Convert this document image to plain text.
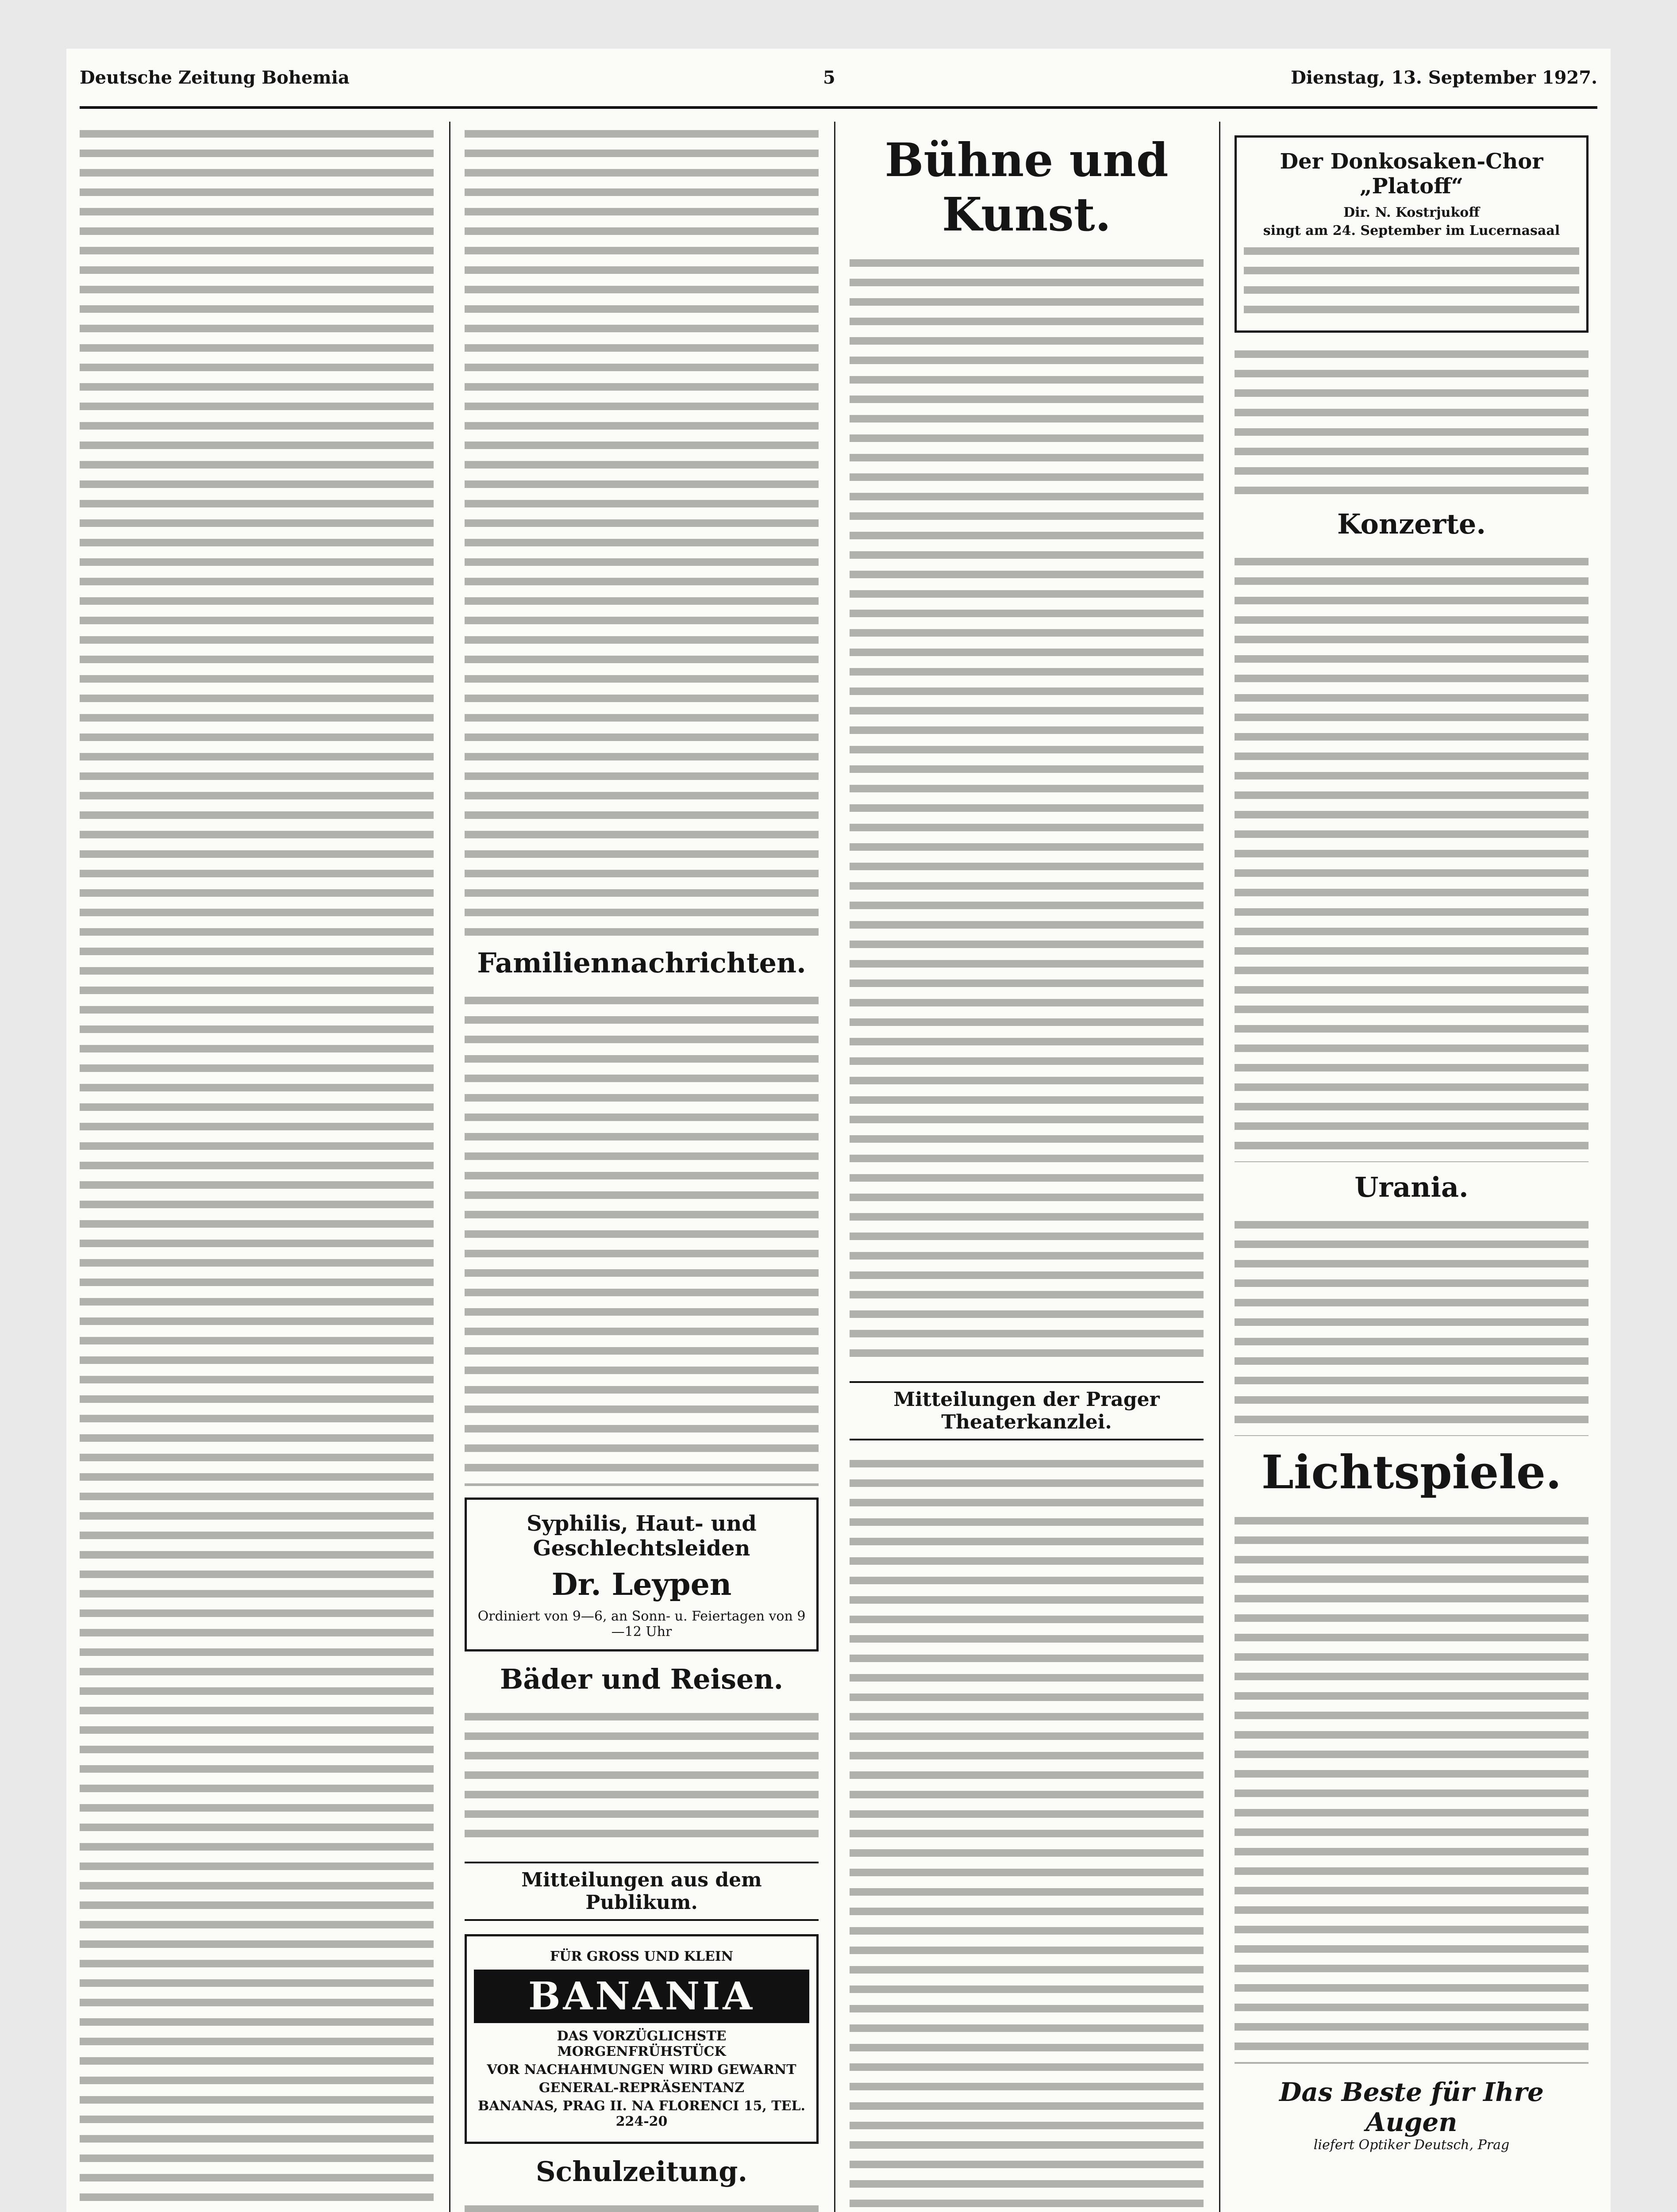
Deutsche Zeitung Bohemia	5	Dienstag, 13. September 1927.
Familiennachrichten.
Syphilis, Haut- und Geschlechtsleiden
Dr. Leypen
Ordiniert von 9—6, an Sonn- u. Feiertagen von 9—12 Uhr
Bäder und Reisen.
Mitteilungen aus dem Publikum.
FÜR GROSS UND KLEIN
BANANIA
DAS VORZÜGLICHSTE MORGENFRÜHSTÜCK
VOR NACHAHMUNGEN WIRD GEWARNT
GENERAL-REPRÄSENTANZ
BANANAS, PRAG II. NA FLORENCI 15, TEL. 224-20
Schulzeitung.
Bühne und Kunst.
Mitteilungen der Prager Theaterkanzlei.
Der Donkosaken-Chor „Platoff“
Dir. N. Kostrjukoff
singt am 24. September im Lucernasaal
Konzerte.
Urania.
Lichtspiele.
Das Beste für Ihre Augen
liefert Optiker Deutsch, Prag
